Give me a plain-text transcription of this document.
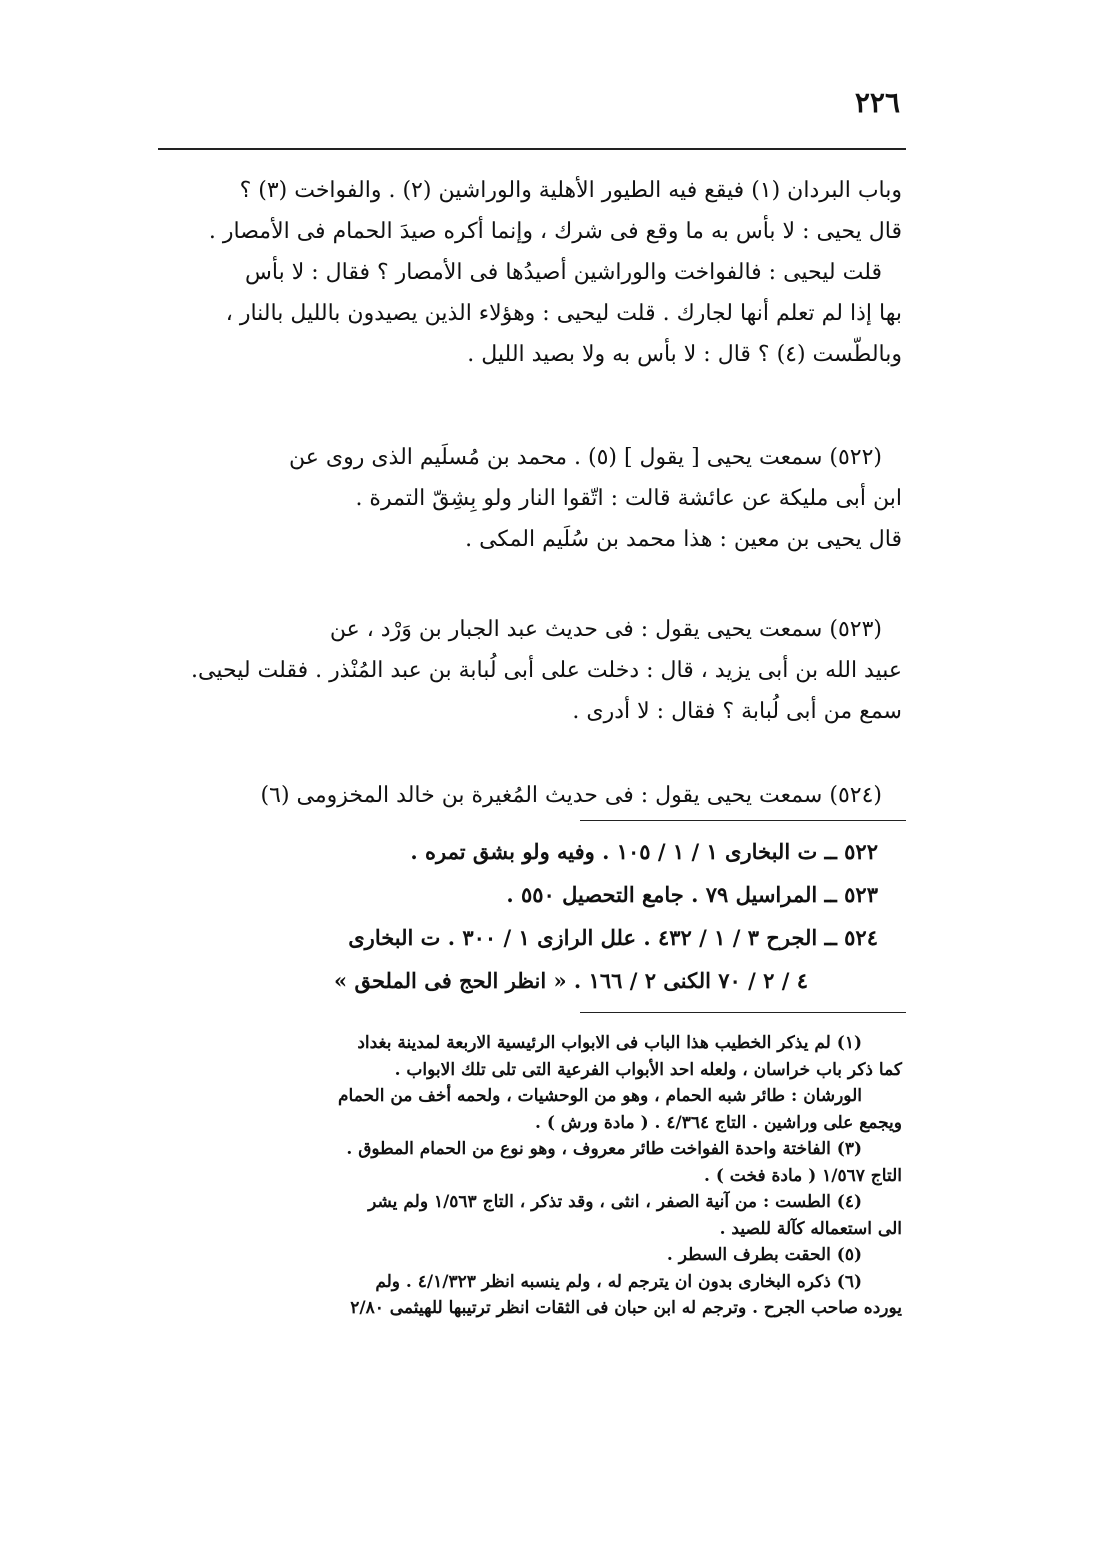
٢٢٦
وباب البردان (١) فيقع فيه الطيور الأهلية والوراشين (٢) . والفواخت (٣) ؟
قال يحيى : لا بأس به ما وقع فى شرك ، وإنما أكره صيدَ الحمام فى الأمصار .
قلت ليحيى : فالفواخت والوراشين أصيدُها فى الأمصار ؟ فقال : لا بأس
بها إذا لم تعلم أنها لجارك . قلت ليحيى : وهؤلاء الذين يصيدون بالليل بالنار ،
وبالطّست (٤) ؟ قال : لا بأس به ولا بصيد الليل .
(٥٢٢) سمعت يحيى [ يقول ] (٥) . محمد بن مُسلَيم الذى روى عن
ابن أبى مليكة عن عائشة قالت : اتّقوا النار ولو بِشِقّ التمرة .
قال يحيى بن معين : هذا محمد بن سُلَيم المكى .
(٥٢٣) سمعت يحيى يقول : فى حديث عبد الجبار بن وَرْد ، عن
عبيد الله بن أبى يزيد ، قال : دخلت على أبى لُبابة بن عبد المُنْذر . فقلت ليحيى.
سمع من أبى لُبابة ؟ فقال : لا أدرى .
(٥٢٤) سمعت يحيى يقول : فى حديث المُغيرة بن خالد المخزومى (٦)
٥٢٢ ــ ت البخارى ١ / ١ / ١٠٥ . وفيه ولو بشق تمره .
٥٢٣ ــ المراسيل ٧٩ . جامع التحصيل ٥٥٠ .
٥٢٤ ــ الجرح ٣ / ١ / ٤٣٢ . علل الرازى ١ / ٣٠٠ . ت البخارى
٤ / ٢ / ٧٠ الكنى ٢ / ١٦٦ . « انظر الحج فى الملحق »
(١) لم يذكر الخطيب هذا الباب فى الابواب الرئيسية الاربعة لمدينة بغداد
كما ذكر باب خراسان ، ولعله احد الأبواب الفرعية التى تلى تلك الابواب .
الورشان : طائر شبه الحمام ، وهو من الوحشيات ، ولحمه أخف من الحمام
ويجمع على وراشين . التاج ٤/٣٦٤ . ( مادة ورش ) .
(٣) الفاختة واحدة الفواخت طائر معروف ، وهو نوع من الحمام المطوق .
التاج ١/٥٦٧ ( مادة فخت ) .
(٤) الطست : من آنية الصفر ، انثى ، وقد تذكر ، التاج ١/٥٦٣ ولم يشر
الى استعماله كآلة للصيد .
(٥) الحقت بطرف السطر .
(٦) ذكره البخارى بدون ان يترجم له ، ولم ينسبه انظر ٤/١/٣٢٣ . ولم
يورده صاحب الجرح . وترجم له ابن حبان فى الثقات انظر ترتيبها للهيثمى ٢/٨٠
